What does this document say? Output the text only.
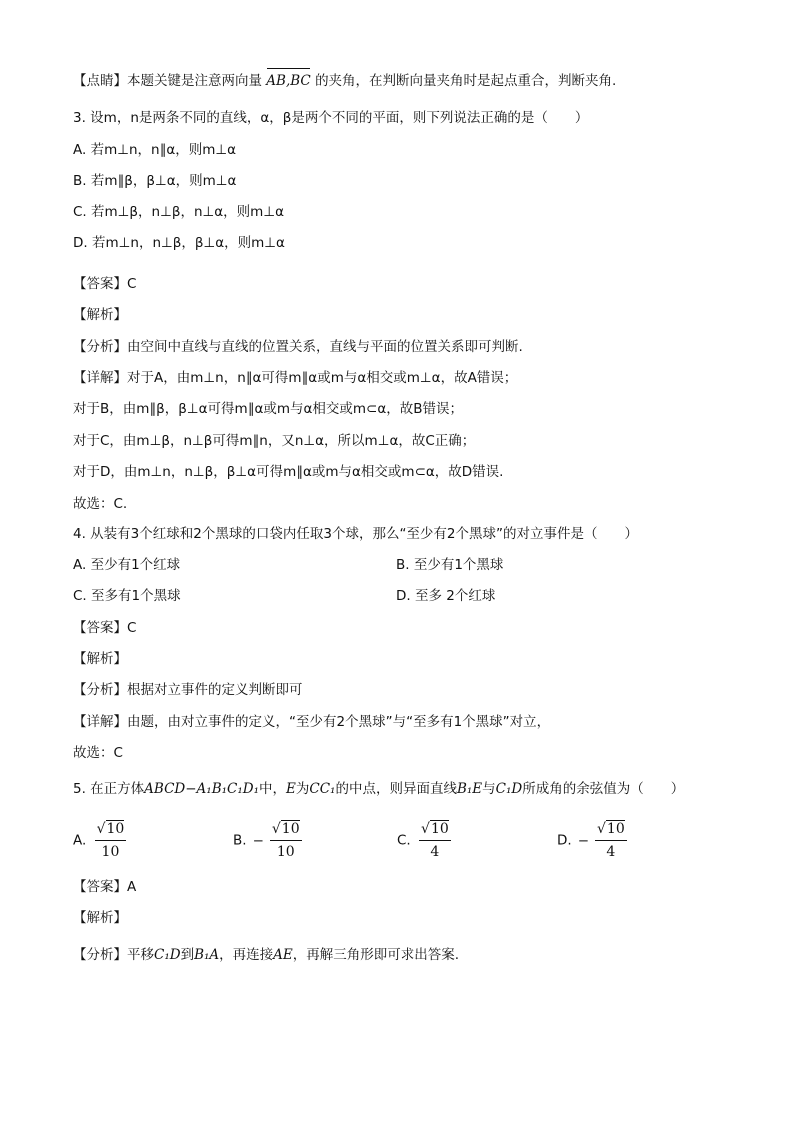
【点睛】本题关键是注意两向量 AB,BC 的夹角，在判断向量夹角时是起点重合，判断夹角.
3. 设m，n是两条不同的直线，α，β是两个不同的平面，则下列说法正确的是（　　）
A. 若m⊥n，n∥α，则m⊥α
B. 若m∥β，β⊥α，则m⊥α
C. 若m⊥β，n⊥β，n⊥α，则m⊥α
D. 若m⊥n，n⊥β，β⊥α，则m⊥α
【答案】C
【解析】
【分析】由空间中直线与直线的位置关系，直线与平面的位置关系即可判断.
【详解】对于A，由m⊥n，n∥α可得m∥α或m与α相交或m⊥α，故A错误；
对于B，由m∥β，β⊥α可得m∥α或m与α相交或m⊂α，故B错误；
对于C，由m⊥β，n⊥β可得m∥n，又n⊥α，所以m⊥α，故C正确；
对于D，由m⊥n，n⊥β，β⊥α可得m∥α或m与α相交或m⊂α，故D错误.
故选：C.
4. 从装有3个红球和2个黑球的口袋内任取3个球，那么“至少有2个黑球”的对立事件是（　　）
A. 至少有1个红球	B. 至少有1个黑球
C. 至多有1个黑球	D. 至多 2个红球
【答案】C
【解析】
【分析】根据对立事件的定义判断即可
【详解】由题，由对立事件的定义，“至少有2个黑球”与“至多有1个黑球”对立，
故选：C
5. 在正方体ABCD−A₁B₁C₁D₁中，E为CC₁的中点，则异面直线B₁E与C₁D所成角的余弦值为（　　）
A. $\frac{√10}{10}$	B. − $\frac{√10}{10}$	C. $\frac{√10}{4}$	D. − $\frac{√10}{4}$
【答案】A
【解析】
【分析】平移C₁D到B₁A，再连接AE，再解三角形即可求出答案.
